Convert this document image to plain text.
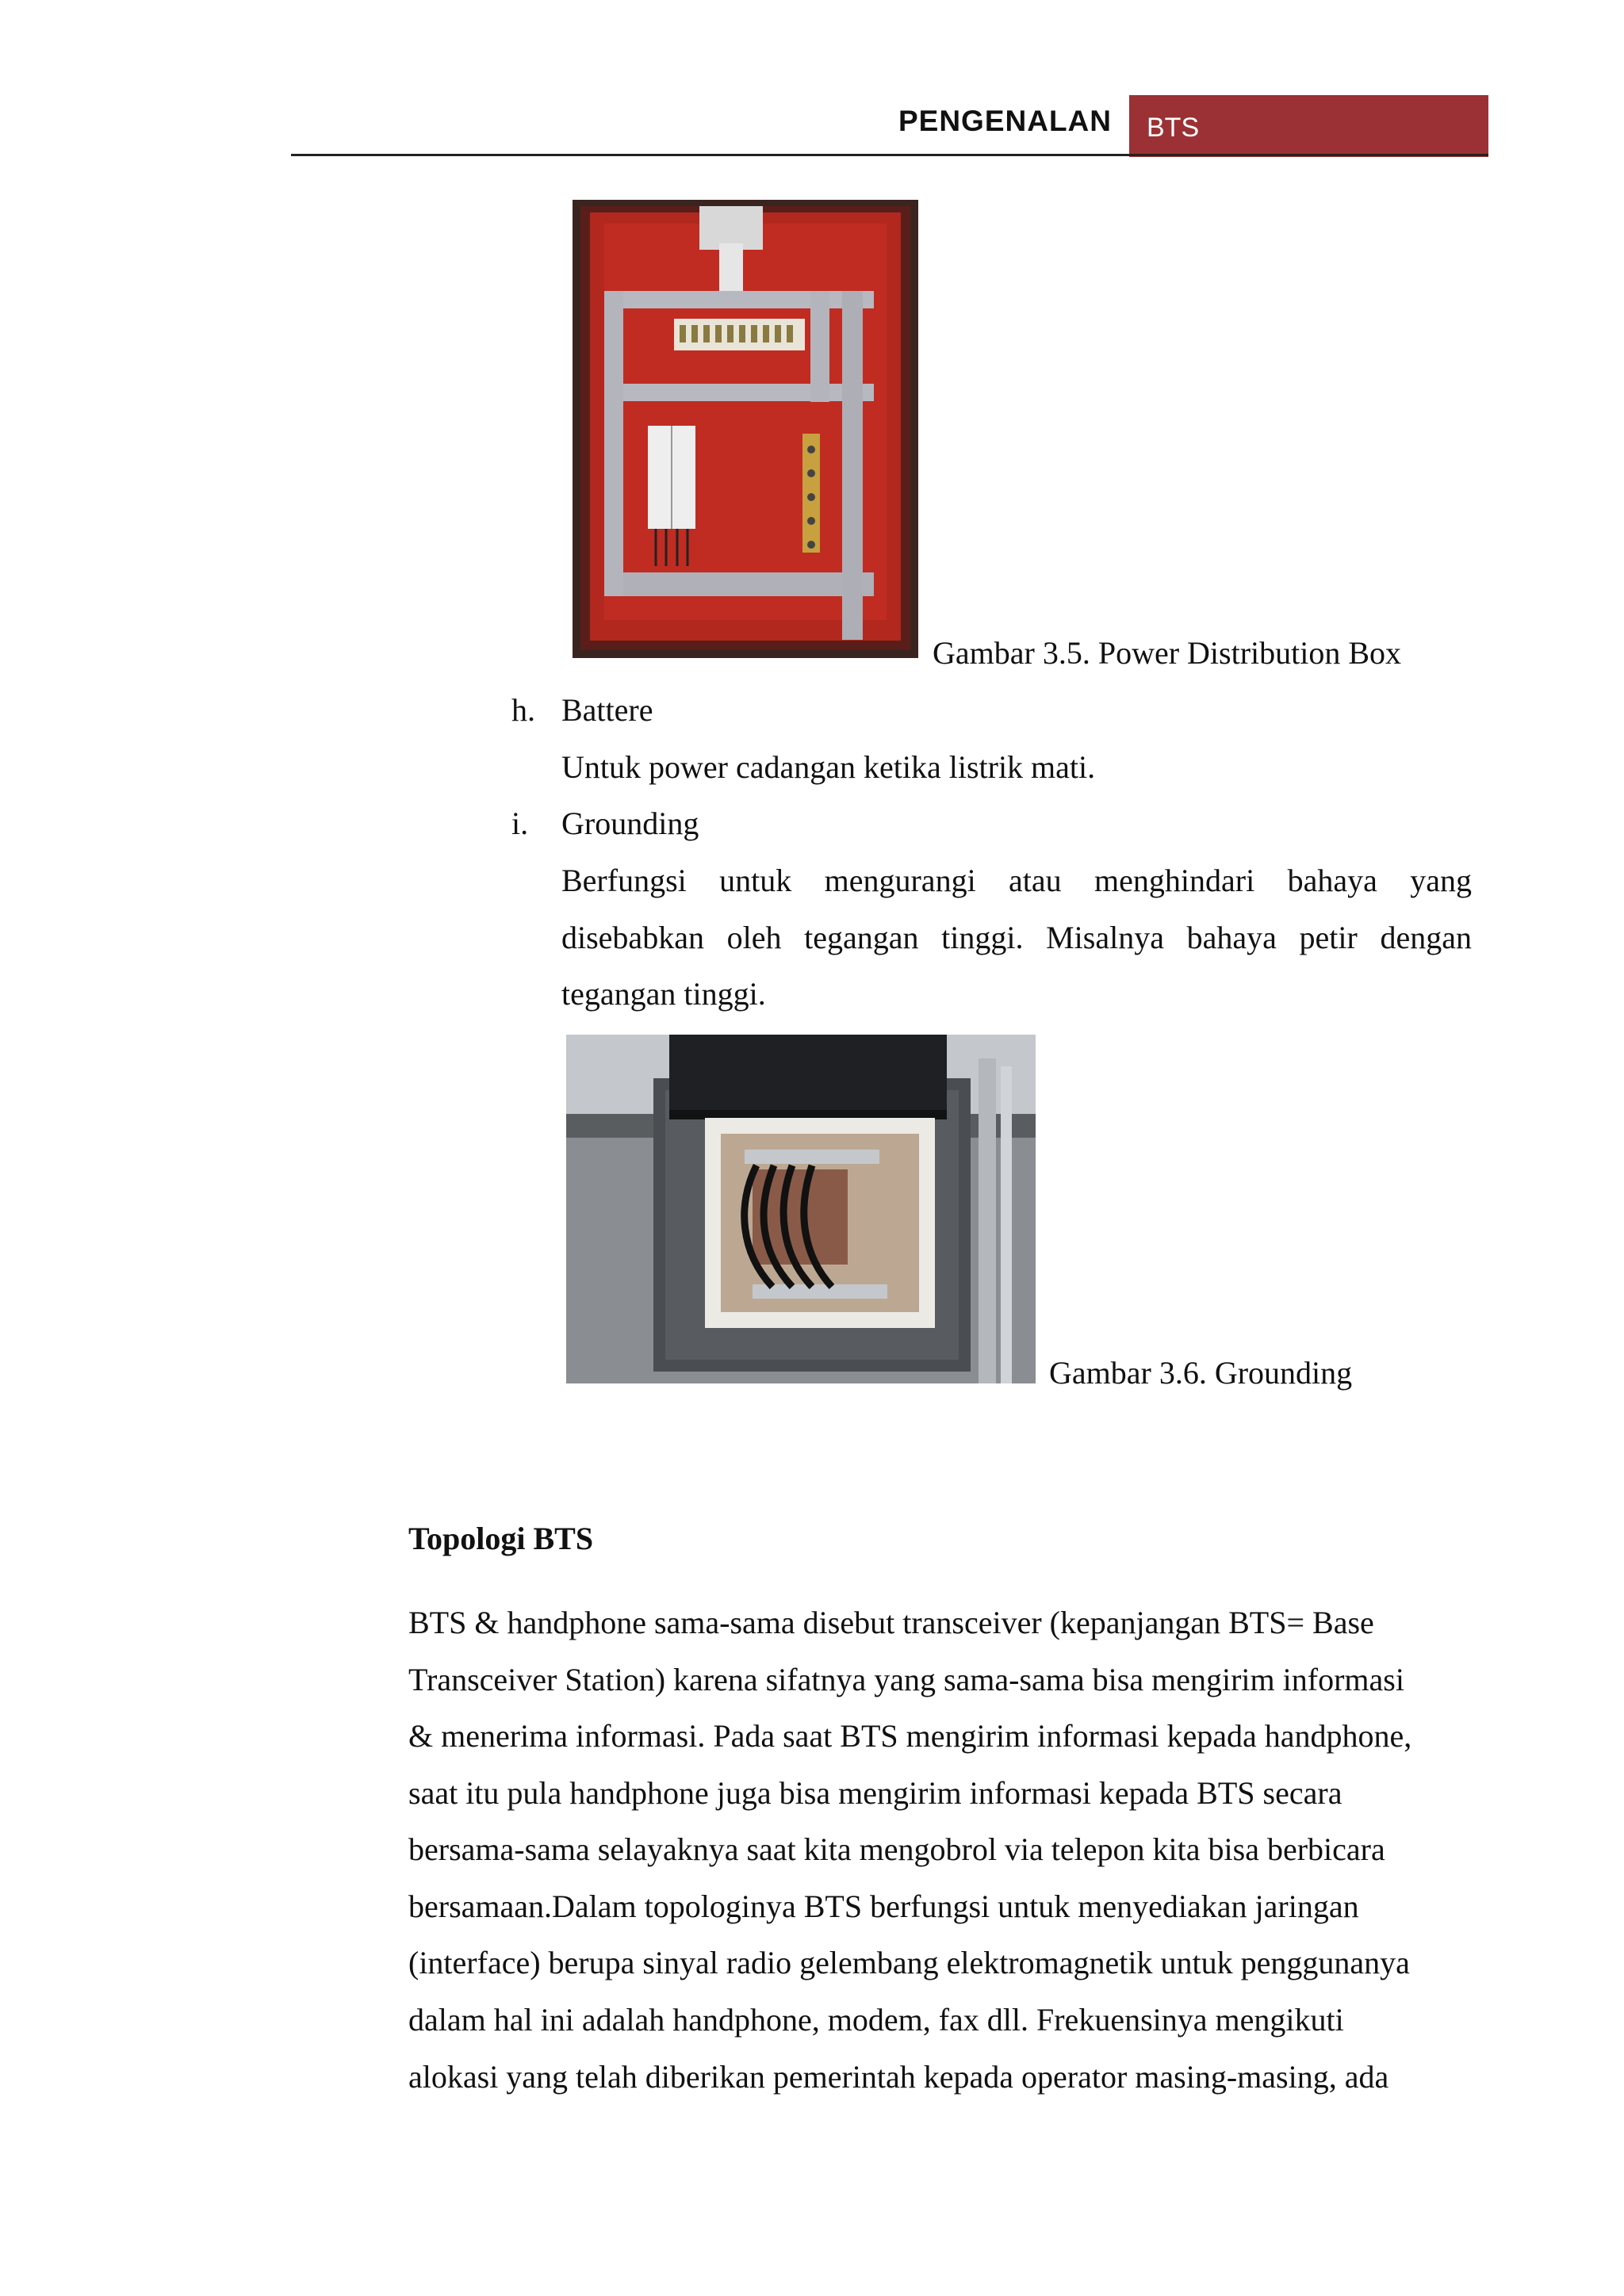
PENGENALAN BTS
Gambar 3.5. Power Distribution Box
h. Battere
Untuk power cadangan ketika listrik mati.
i. Grounding
Berfungsi untuk mengurangi atau menghindari bahaya yang
disebabkan oleh tegangan tinggi. Misalnya bahaya petir dengan
tegangan tinggi.
Gambar 3.6. Grounding
Topologi BTS
BTS & handphone sama-sama disebut transceiver (kepanjangan BTS= Base
Transceiver Station) karena sifatnya yang sama-sama bisa mengirim informasi
& menerima informasi. Pada saat BTS mengirim informasi kepada handphone,
saat itu pula handphone juga bisa mengirim informasi kepada BTS secara
bersama-sama selayaknya saat kita mengobrol via telepon kita bisa berbicara
bersamaan.Dalam topologinya BTS berfungsi untuk menyediakan jaringan
(interface) berupa sinyal radio gelembang elektromagnetik untuk penggunanya
dalam hal ini adalah handphone, modem, fax dll. Frekuensinya mengikuti
alokasi yang telah diberikan pemerintah kepada operator masing-masing, ada
